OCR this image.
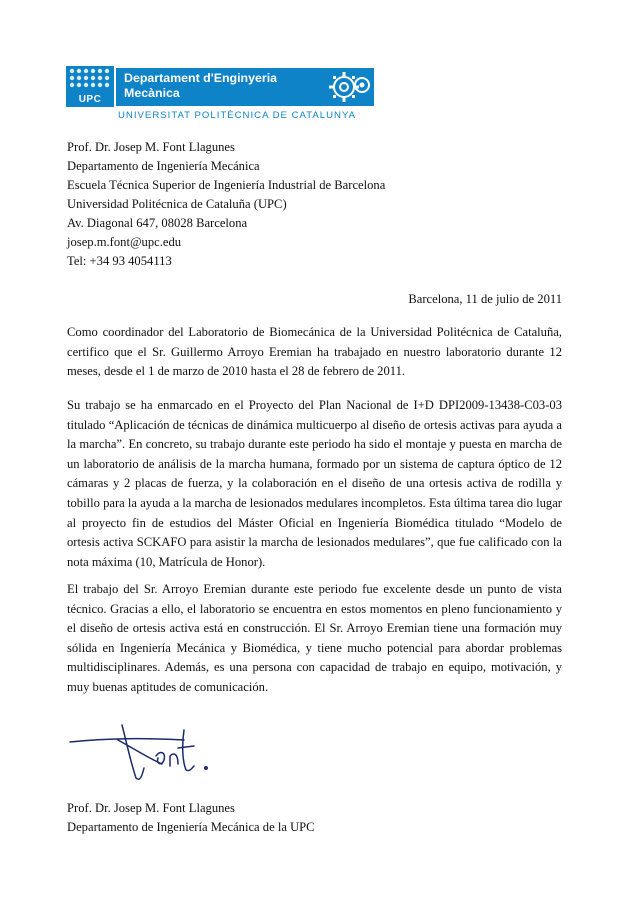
UPC
Departament d'Enginyeria
Mecànica
UNIVERSITAT POLITÈCNICA DE CATALUNYA
Prof. Dr. Josep M. Font Llagunes
Departamento de Ingeniería Mecánica
Escuela Técnica Superior de Ingeniería Industrial de Barcelona
Universidad Politécnica de Cataluña (UPC)
Av. Diagonal 647, 08028 Barcelona
josep.m.font@upc.edu
Tel: +34 93 4054113
Barcelona, 11 de julio de 2011

Como coordinador del Laboratorio de Biomecánica de la Universidad Politécnica de Cataluña, certifico que el Sr. Guillermo Arroyo Eremian ha trabajado en nuestro laboratorio durante 12 meses, desde el 1 de marzo de 2010 hasta el 28 de febrero de 2011.

Su trabajo se ha enmarcado en el Proyecto del Plan Nacional de I+D DPI2009-13438-C03-03 titulado “Aplicación de técnicas de dinámica multicuerpo al diseño de ortesis activas para ayuda a la marcha”. En concreto, su trabajo durante este periodo ha sido el montaje y puesta en marcha de un laboratorio de análisis de la marcha humana, formado por un sistema de captura óptico de 12 cámaras y 2 placas de fuerza, y la colaboración en el diseño de una ortesis activa de rodilla y tobillo para la ayuda a la marcha de lesionados medulares incompletos. Esta última tarea dio lugar al proyecto fin de estudios del Máster Oficial en Ingeniería Biomédica titulado “Modelo de ortesis activa SCKAFO para asistir la marcha de lesionados medulares”, que fue calificado con la nota máxima (10, Matrícula de Honor).

El trabajo del Sr. Arroyo Eremian durante este periodo fue excelente desde un punto de vista técnico. Gracias a ello, el laboratorio se encuentra en estos momentos en pleno funcionamiento y el diseño de ortesis activa está en construcción. El Sr. Arroyo Eremian tiene una formación muy sólida en Ingeniería Mecánica y Biomédica, y tiene mucho potencial para abordar problemas multidisciplinares. Además, es una persona con capacidad de trabajo en equipo, motivación, y muy buenas aptitudes de comunicación.

Prof. Dr. Josep M. Font Llagunes
Departamento de Ingeniería Mecánica de la UPC
